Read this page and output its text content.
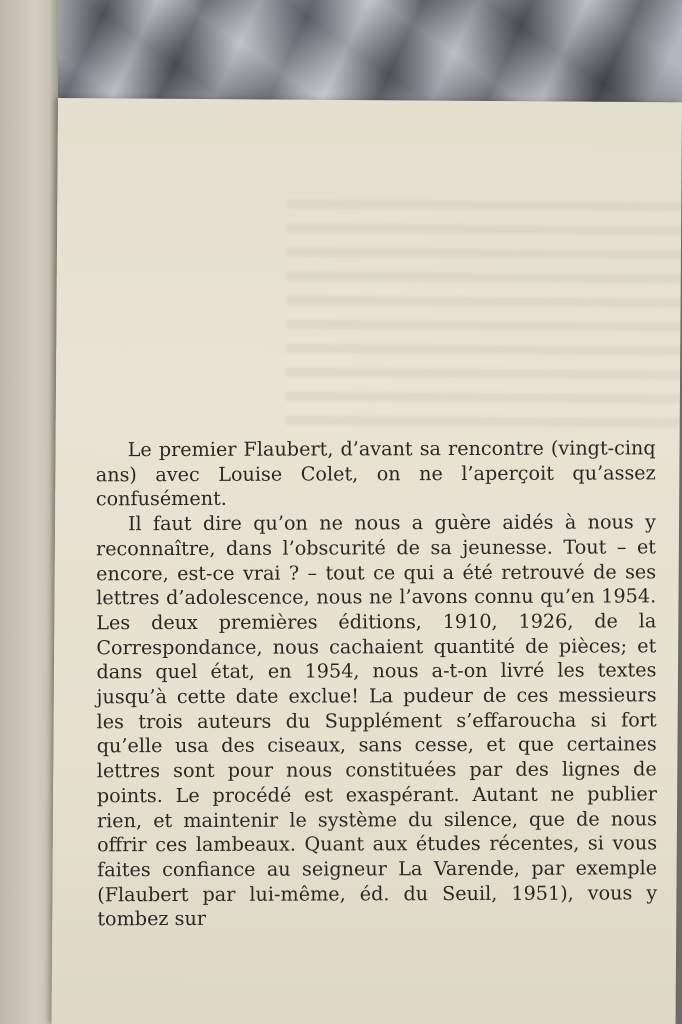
Le premier Flaubert, d’avant sa rencontre (vingt-cinq ans) avec Louise Colet, on ne l’aperçoit qu’assez confusément.

Il faut dire qu’on ne nous a guère aidés à nous y reconnaître, dans l’obscurité de sa jeunesse. Tout – et encore, est-ce vrai ? – tout ce qui a été retrouvé de ses lettres d’adolescence, nous ne l’avons connu qu’en 1954. Les deux premières éditions, 1910, 1926, de la Correspondance, nous cachaient quantité de pièces; et dans quel état, en 1954, nous a-t-on livré les textes jusqu’à cette date exclue! La pudeur de ces messieurs les trois auteurs du Supplément s’effaroucha si fort qu’elle usa des ciseaux, sans cesse, et que certaines lettres sont pour nous constituées par des lignes de points. Le procédé est exaspérant. Autant ne publier rien, et maintenir le système du silence, que de nous offrir ces lambeaux. Quant aux études récentes, si vous faites confiance au seigneur La Varende, par exemple (Flaubert par lui-même, éd. du Seuil, 1951), vous y tombez sur
